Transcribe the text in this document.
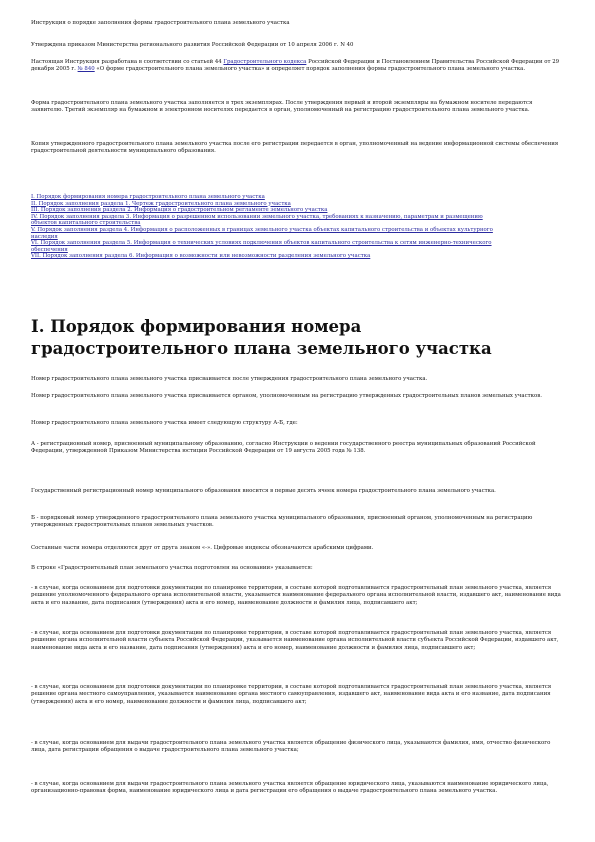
Инструкция о порядке заполнения формы градостроительного плана земельного участка

Утверждена приказом Министерства регионального развития Российской Федерации от 10 апреля 2006 г. N 40

Настоящая Инструкция разработана в соответствии со статьей 44 Градостроительного кодекса Российской Федерации и Постановлением Правительства Российской Федерации от 29 декабря 2005 г. № 840 «О форме градостроительного плана земельного участка» и определяет порядок заполнения формы градостроительного плана земельного участка.

Форма градостроительного плана земельного участка заполняется в трех экземплярах. После утверждения первый и второй экземпляры на бумажном носителе передаются заявителю. Третий экземпляр на бумажном и электронном носителях передается в орган, уполномоченный на регистрацию градостроительного плана земельного участка.

Копия утвержденного градостроительного плана земельного участка после его регистрации передается в орган, уполномоченный на ведение информационной системы обеспечения градостроительной деятельности муниципального образования.

I. Порядок формирования номера градостроительного плана земельного участка
II. Порядок заполнения раздела 1. Чертеж градостроительного плана земельного участка
III. Порядок заполнения раздела 2. Информация о градостроительном регламенте земельного участка
IV. Порядок заполнения раздела 3. Информация о разрешенном использовании земельного участка, требованиях к назначению, параметрам и размещению объектов капитального строительства
V. Порядок заполнения раздела 4. Информация о расположенных в границах земельного участка объектах капитального строительства и объектах культурного наследия
VI. Порядок заполнения раздела 5. Информация о технических условиях подключения объектов капитального строительства к сетям инженерно-технического обеспечения
VII. Порядок заполнения раздела 6. Информация о возможности или невозможности разделения земельного участка
I. Порядок формирования номера градостроительного плана земельного участка

Номер градостроительного плана земельного участка присваивается после утверждения градостроительного плана земельного участка.

Номер градостроительного плана земельного участка присваивается органом, уполномоченным на регистрацию утвержденных градостроительных планов земельных участков.

Номер градостроительного плана земельного участка имеет следующую структуру А-Б, где:

А - регистрационный номер, присвоенный муниципальному образованию, согласно Инструкции о ведении государственного реестра муниципальных образований Российской Федерации, утвержденной Приказом Министерства юстиции Российской Федерации от 19 августа 2005 года № 138.

Государственный регистрационный номер муниципального образования вносится в первые десять ячеек номера градостроительного плана земельного участка.

Б - порядковый номер утвержденного градостроительного плана земельного участка муниципального образования, присвоенный органом, уполномоченным на регистрацию утвержденных градостроительных планов земельных участков.

Составные части номера отделяются друг от друга знаком «-». Цифровые индексы обозначаются арабскими цифрами.

В строке «Градостроительный план земельного участка подготовлен на основании» указывается:

- в случае, когда основанием для подготовки документации по планировке территории, в составе которой подготавливается градостроительный план земельного участка, является решение уполномоченного федерального органа исполнительной власти, указывается наименование федерального органа исполнительной власти, издавшего акт, наименование вида акта и его название, дата подписания (утверждения) акта и его номер, наименование должности и фамилия лица, подписавшего акт;

- в случае, когда основанием для подготовки документации по планировке территории, в составе которой подготавливается градостроительный план земельного участка, является решение органа исполнительной власти субъекта Российской Федерации, указывается наименование органа исполнительной власти субъекта Российской Федерации, издавшего акт, наименование вида акта и его название, дата подписания (утверждения) акта и его номер, наименование должности и фамилия лица, подписавшего акт;

- в случае, когда основанием для подготовки документации по планировке территории, в составе которой подготавливается градостроительный план земельного участка, является решение органа местного самоуправления, указывается наименование органа местного самоуправления, издавшего акт, наименование вида акта и его название, дата подписания (утверждения) акта и его номер, наименование должности и фамилия лица, подписавшего акт;

- в случае, когда основанием для выдачи градостроительного плана земельного участка является обращение физического лица, указываются фамилия, имя, отчество физического лица, дата регистрации обращения о выдаче градостроительного плана земельного участка;

- в случае, когда основанием для выдачи градостроительного плана земельного участка является обращение юридического лица, указываются наименование юридического лица, организационно-правовая форма, наименование юридического лица и дата регистрации его обращения о выдаче градостроительного плана земельного участка.
